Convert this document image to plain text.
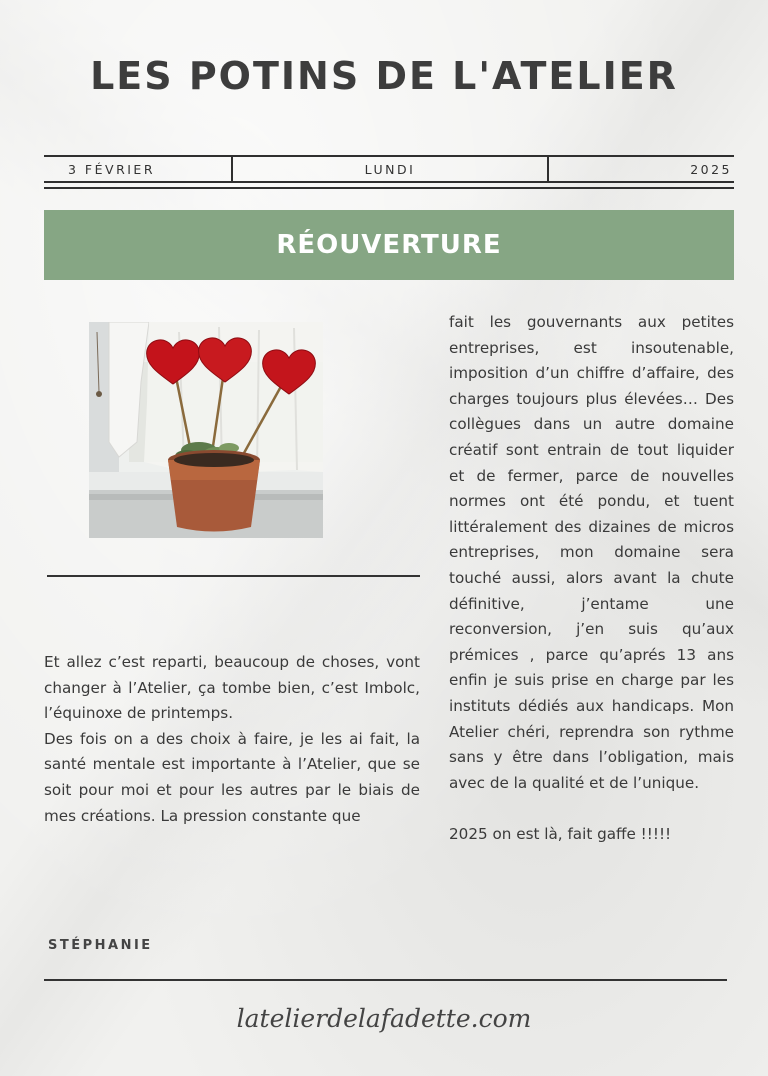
LES POTINS DE L'ATELIER
3 FÉVRIER	LUNDI	2025
RÉOUVERTURE

Et allez c’est reparti, beaucoup de choses, vont changer à l’Atelier, ça tombe bien, c’est Imbolc, l’équinoxe de printemps.

Des fois on a des choix à faire, je les ai fait, la santé mentale est importante à l’Atelier, que se soit pour moi et pour les autres par le biais de mes créations. La pression constante que

fait les gouvernants aux petites entreprises, est insoutenable, imposition d’un chiffre d’affaire, des charges toujours plus élevées… Des collègues dans un autre domaine créatif sont entrain de tout liquider et de fermer, parce de nouvelles normes ont été pondu, et tuent littéralement des dizaines de micros entreprises, mon domaine sera touché aussi, alors avant la chute définitive, j’entame une reconversion, j’en suis qu’aux prémices , parce qu’aprés 13 ans enfin je suis prise en charge par les instituts dédiés aux handicaps. Mon Atelier chéri, reprendra son rythme sans y être dans l’obligation, mais avec de la qualité et de l’unique.

2025 on est là, fait gaffe !!!!!

STÉPHANIE
latelierdelafadette.com
